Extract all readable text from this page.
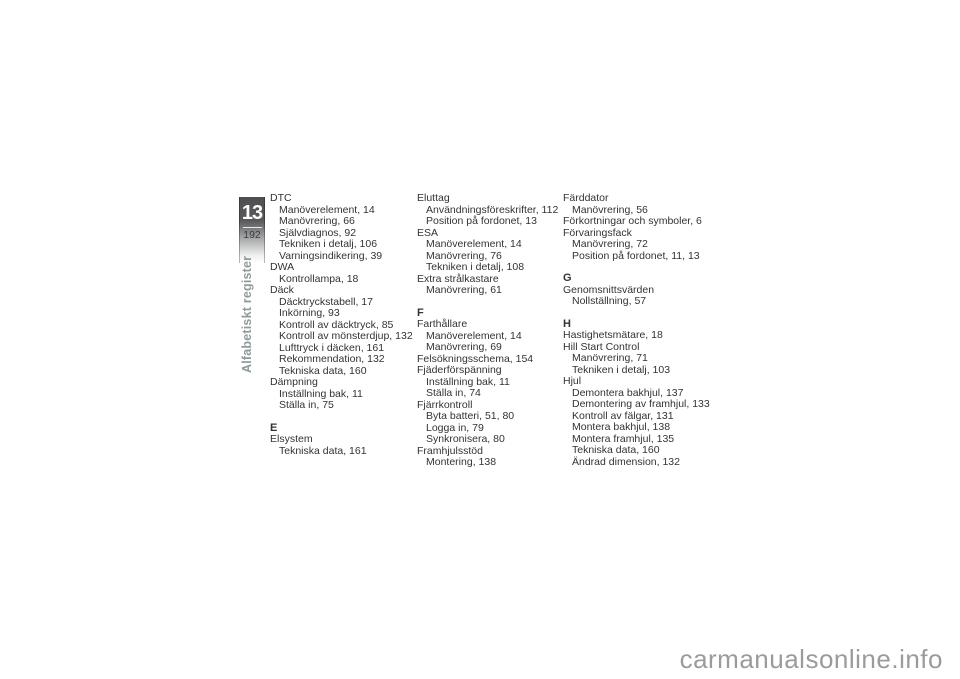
13
192
Alfabetiskt register
DTC
Manöverelement, 14
Manövrering, 66
Självdiagnos, 92
Tekniken i detalj, 106
Varningsindikering, 39
DWA
Kontrollampa, 18
Däck
Däcktryckstabell, 17
Inkörning, 93
Kontroll av däcktryck, 85
Kontroll av mönsterdjup, 132
Lufttryck i däcken, 161
Rekommendation, 132
Tekniska data, 160
Dämpning
Inställning bak, 11
Ställa in, 75
E
Elsystem
Tekniska data, 161
Eluttag
Användningsföreskrifter, 112
Position på fordonet, 13
ESA
Manöverelement, 14
Manövrering, 76
Tekniken i detalj, 108
Extra strålkastare
Manövrering, 61
F
Farthållare
Manöverelement, 14
Manövrering, 69
Felsökningsschema, 154
Fjäderförspänning
Inställning bak, 11
Ställa in, 74
Fjärrkontroll
Byta batteri, 51, 80
Logga in, 79
Synkronisera, 80
Framhjulsstöd
Montering, 138
Färddator
Manövrering, 56
Förkortningar och symboler, 6
Förvaringsfack
Manövrering, 72
Position på fordonet, 11, 13
G
Genomsnittsvärden
Nollställning, 57
H
Hastighetsmätare, 18
Hill Start Control
Manövrering, 71
Tekniken i detalj, 103
Hjul
Demontera bakhjul, 137
Demontering av framhjul, 133
Kontroll av fälgar, 131
Montera bakhjul, 138
Montera framhjul, 135
Tekniska data, 160
Ändrad dimension, 132
carmanualsonline.info
